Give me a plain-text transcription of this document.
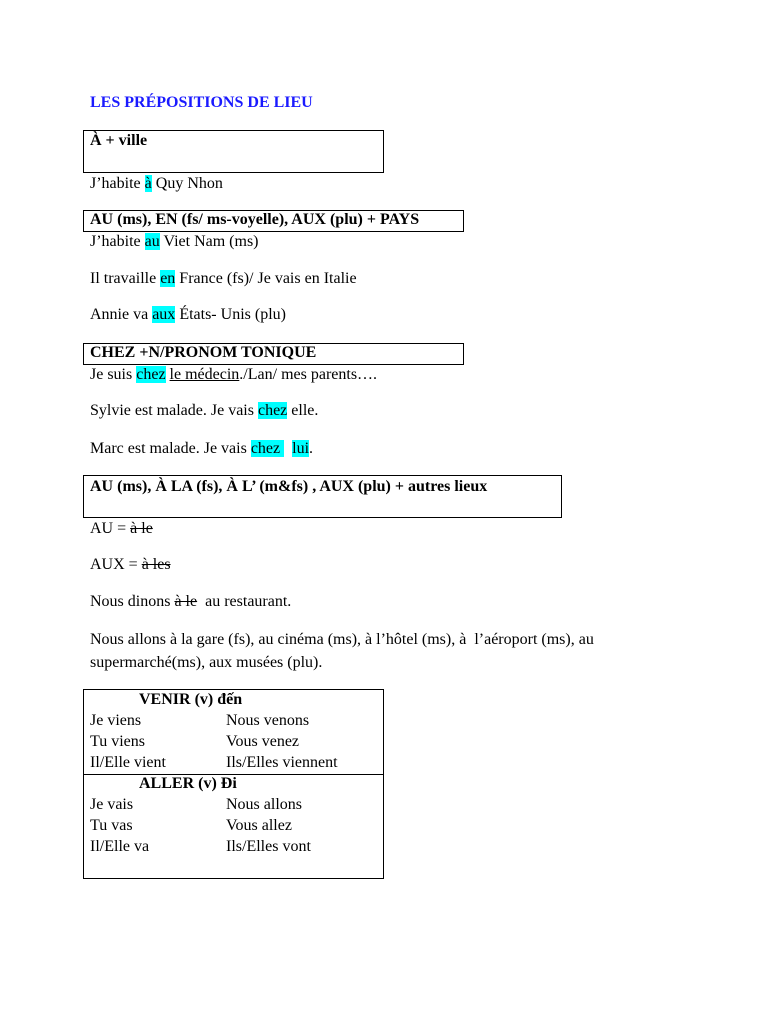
LES PRÉPOSITIONS DE LIEU
À + ville
J’habite à Quy Nhon
AU (ms), EN (fs/ ms-voyelle), AUX (plu) + PAYS
J’habite au Viet Nam (ms)
Il travaille en France (fs)/ Je vais en Italie
Annie va aux États- Unis (plu)
CHEZ +N/PRONOM TONIQUE
Je suis chez le médecin./Lan/ mes parents….
Sylvie est malade. Je vais chez elle.
Marc est malade. Je vais chez   lui.
AU (ms), À LA (fs), À L’ (m&fs) , AUX (plu) + autres lieux
AU = à le
AUX = à les
Nous dinons à le  au restaurant.
Nous allons à la gare (fs), au cinéma (ms), à l’hôtel (ms), à  l’aéroport (ms), au
supermarché(ms), aux musées (plu).
VENIR (v) đến
Je viens	Nous venons
Tu viens	Vous venez
Il/Elle vient	Ils/Elles viennent
ALLER (v) Đi
Je vais	Nous allons
Tu vas	Vous allez
Il/Elle va	Ils/Elles vont
